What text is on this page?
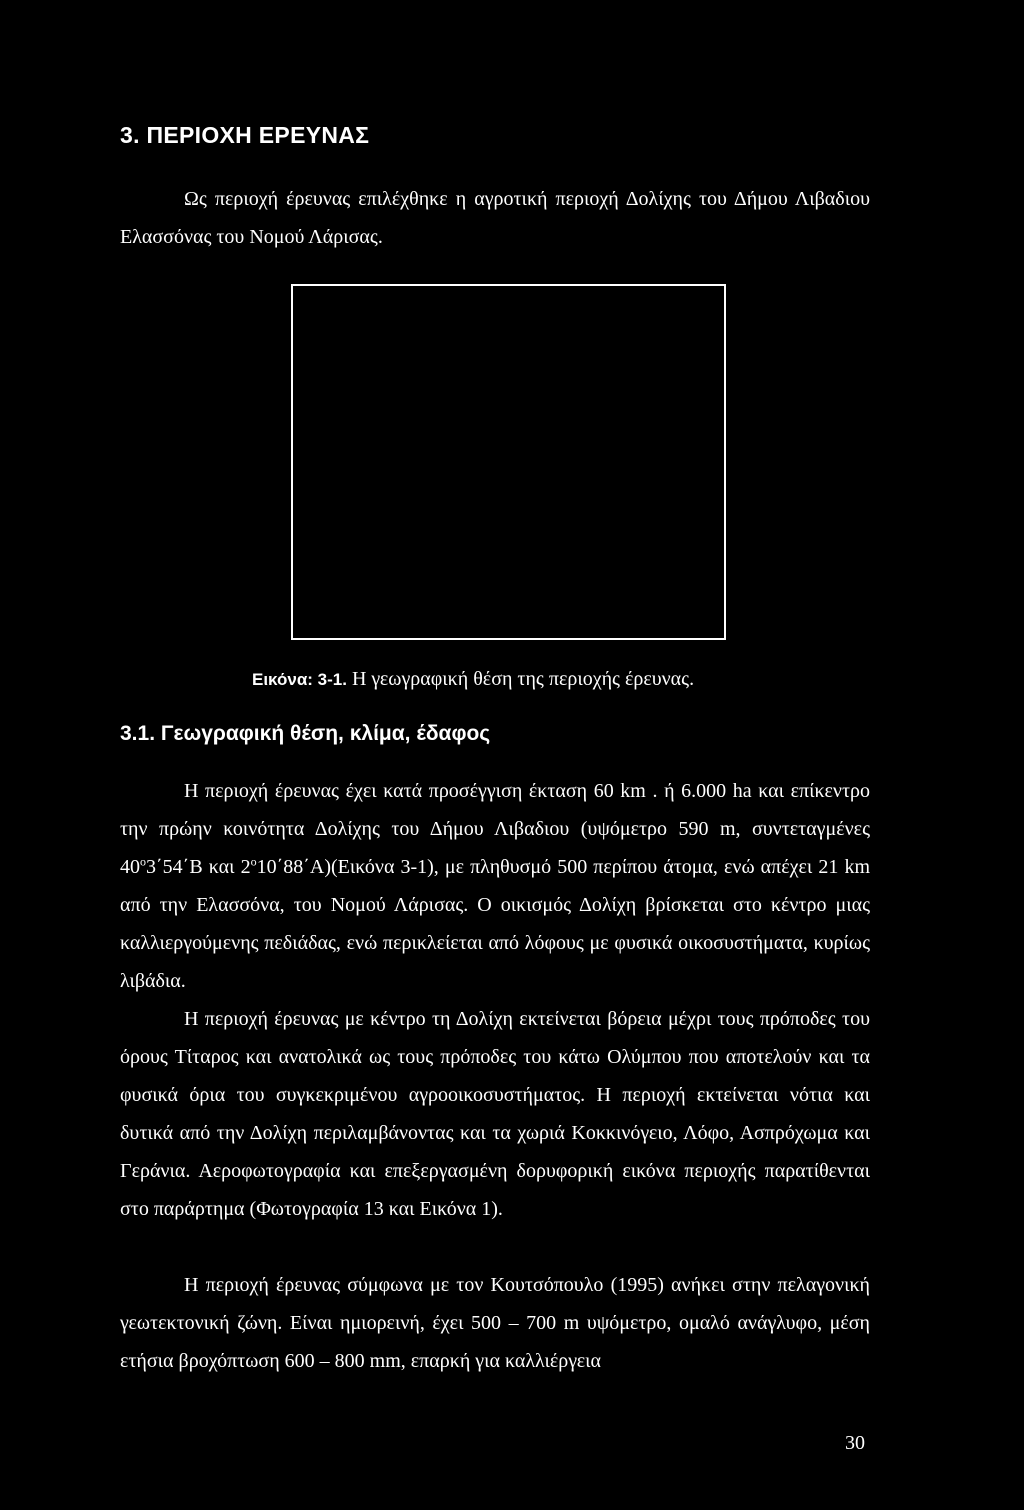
3. ΠΕΡΙΟΧΗ ΕΡΕΥΝΑΣ

Ως περιοχή έρευνας επιλέχθηκε η αγροτική περιοχή Δολίχης του Δήμου Λιβαδιου Ελασσόνας του Νομού Λάρισας.

Εικόνα: 3-1. Η γεωγραφική θέση της περιοχής έρευνας.
3.1. Γεωγραφική θέση, κλίμα, έδαφος

Η περιοχή έρευνας έχει κατά προσέγγιση έκταση 60 km . ή 6.000 ha και επίκεντρο την πρώην κοινότητα Δολίχης του Δήμου Λιβαδιου (υψόμετρο 590 m, συντεταγμένες $40^o3΄54΄B$ και $2^o10΄88΄A)(E\iota\kappa ό\nu\alpha$ 3-1), με πληθυσμό 500 περίπου άτομα, ενώ απέχει 21 km από την Ελασσόνα, του Νομού Λάρισας. Ο οικισμός Δολίχη βρίσκεται στο κέντρο μιας καλλιεργούμενης πεδιάδας, ενώ περικλείεται από λόφους με φυσικά οικοσυστήματα, κυρίως λιβάδια.

Η περιοχή έρευνας με κέντρο τη Δολίχη εκτείνεται βόρεια μέχρι τους πρόποδες του όρους Τίταρος και ανατολικά ως τους πρόποδες του κάτω Ολύμπου που αποτελούν και τα φυσικά όρια του συγκεκριμένου αγροοικοσυστήματος. Η περιοχή εκτείνεται νότια και δυτικά από την Δολίχη περιλαμβάνοντας και τα χωριά Κοκκινόγειο, Λόφο, Ασπρόχωμα και Γεράνια. Αεροφωτογραφία και επεξεργασμένη δορυφορική εικόνα περιοχής παρατίθενται στο παράρτημα (Φωτογραφία 13 και Εικόνα 1).

Η περιοχή έρευνας σύμφωνα με τον Κουτσόπουλο (1995) ανήκει στην πελαγονική γεωτεκτονική ζώνη. Είναι ημιορεινή, έχει 500 – 700 m υψόμετρο, ομαλό ανάγλυφο, μέση ετήσια βροχόπτωση 600 – 800 mm, επαρκή για καλλιέργεια

30
